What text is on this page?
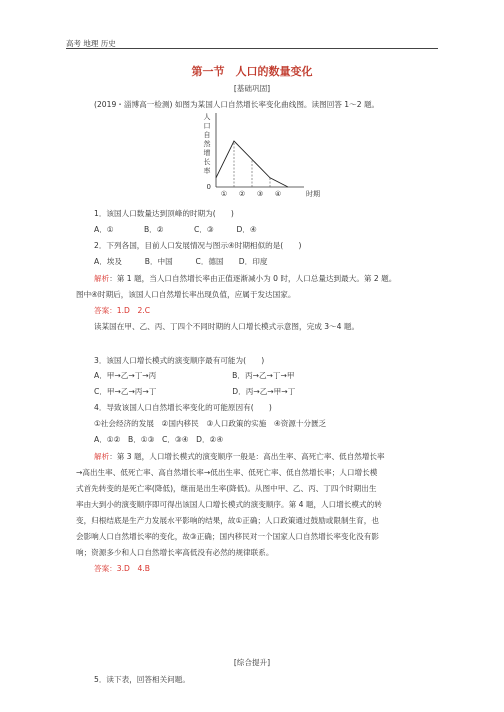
高考 地理 历史
第一节　人口的数量变化
[基础巩固]
(2019・淄博高一检测) 如图为某国人口自然增长率变化曲线图。读图回答 1～2 题。
人
口
自
然
增
长
率
0
时期
① ② ③ ④
1．该国人口数量达到顶峰的时期为(　　)
A．①　　　　B．②　　　　C．③　　　D．④
2．下列各国，目前人口发展情况与图示④时期相似的是(　　)
A．埃及　　　B．中国　　　C．德国　　D．印度
解析：第 1 题，当人口自然增长率由正值逐渐减小为 0 时，人口总量达到最大。第 2 题。
图中④时期后，该国人口自然增长率出现负值，应属于发达国家。
答案：1.D　2.C
读某国在甲、乙、丙、丁四个不同时期的人口增长模式示意图，完成 3～4 题。
3．该国人口增长模式的演变顺序最有可能为(　　)
A．甲→乙→丁→丙　　　　　　　　　　B．丙→乙→丁→甲
C．甲→乙→丙→丁　　　　　　　　　　D．丙→乙→甲→丁
4．导致该国人口自然增长率变化的可能原因有(　　)
①社会经济的发展　②国内移民　③人口政策的实施　④资源十分匮乏
A．①②　B．①③　C．③④　D．②④
解析：第 3 题，人口增长模式的演变顺序一般是：高出生率、高死亡率、低自然增长率
→高出生率、低死亡率、高自然增长率→低出生率、低死亡率、低自然增长率；人口增长模
式首先转变的是死亡率(降低)，继而是出生率(降低)。从图中甲、乙、丙、丁四个时期出生
率由大到小的演变顺序即可得出该国人口增长模式的演变顺序。第 4 题，人口增长模式的转
变，归根结底是生产力发展水平影响的结果，故①正确；人口政策通过鼓励或限制生育，也
会影响人口自然增长率的变化，故③正确；国内移民对一个国家人口自然增长率变化没有影
响；资源多少和人口自然增长率高低没有必然的规律联系。
答案：3.D　4.B
[综合提升]
5．读下表，回答相关问题。
